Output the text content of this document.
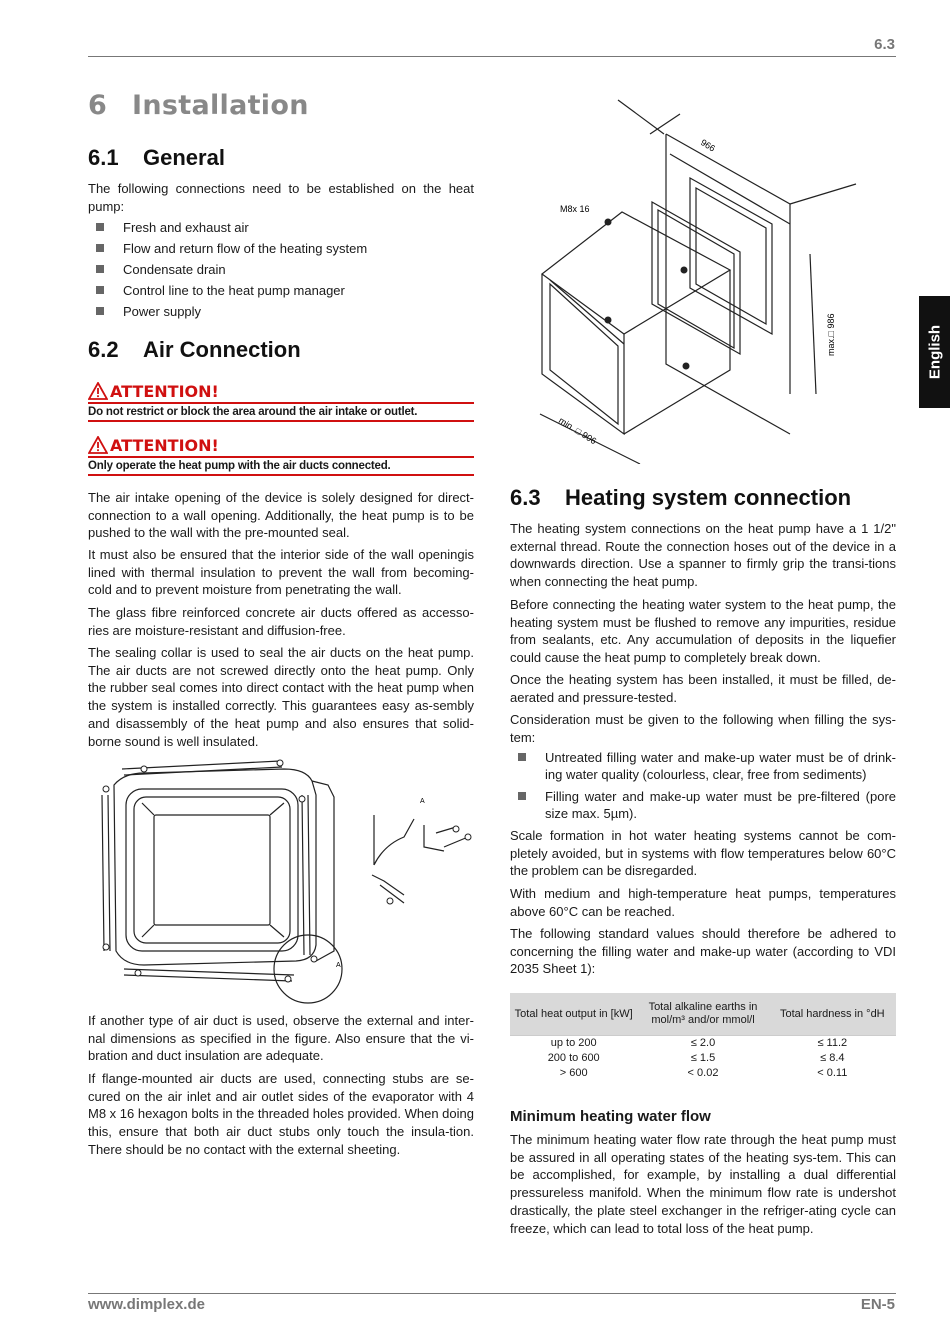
6.3
English
www.dimplex.de	EN-5
6 Installation
6.1 General

The following connections need to be established on the heat pump:

Fresh and exhaust air
Flow and return flow of the heating system
Condensate drain
Control line to the heat pump manager
Power supply
6.2 Air Connection
ATTENTION!
Do not restrict or block the area around the air intake or outlet.
ATTENTION!
Only operate the heat pump with the air ducts connected.

The air intake opening of the device is solely designed for direct-connection to a wall opening. Additionally, the heat pump is to be pushed to the wall with the pre-mounted seal.

It must also be ensured that the interior side of the wall openingis lined with thermal insulation to prevent the wall from becoming-cold and to prevent moisture from penetrating the wall.

The glass fibre reinforced concrete air ducts offered as accesso-ries are moisture-resistant and diffusion-free.

The sealing collar is used to seal the air ducts on the heat pump. The air ducts are not screwed directly onto the heat pump. Only the rubber seal comes into direct contact with the heat pump when the system is installed correctly. This guarantees easy as-sembly and disassembly of the heat pump and also ensures that solid-borne sound is well insulated.

A
A

If another type of air duct is used, observe the external and inter-nal dimensions as specified in the figure. Also ensure that the vi-bration and duct insulation are adequate.

If flange-mounted air ducts are used, connecting stubs are se-cured on the air inlet and air outlet sides of the evaporator with 4 M8 x 16 hexagon bolts in the threaded holes provided. When doing this, ensure that both air duct stubs only touch the insula-tion. There should be no contact with the external sheeting.

M8x 16
966
max.□ 986
min. □ 906
6.3 Heating system connection

The heating system connections on the heat pump have a 1 1/2" external thread. Route the connection hoses out of the device in a downwards direction. Use a spanner to firmly grip the transi-tions when connecting the heat pump.

Before connecting the heating water system to the heat pump, the heating system must be flushed to remove any impurities, residue from sealants, etc. Any accumulation of deposits in the liquefier could cause the heat pump to completely break down.

Once the heating system has been installed, it must be filled, de-aerated and pressure-tested.

Consideration must be given to the following when filling the sys-tem:

Untreated filling water and make-up water must be of drink-ing water quality (colourless, clear, free from sediments)
Filling water and make-up water must be pre-filtered (pore size max. 5µm).

Scale formation in hot water heating systems cannot be com-pletely avoided, but in systems with flow temperatures below 60°C the problem can be disregarded.

With medium and high-temperature heat pumps, temperatures above 60°C can be reached.

The following standard values should therefore be adhered to concerning the filling water and make-up water (according to VDI 2035 Sheet 1):

Total heat output in [kW]	Total alkaline earths in mol/m³ and/or mmol/l	Total hardness in °dH
up to 200	≤ 2.0	≤ 11.2
200 to 600	≤ 1.5	≤ 8.4
> 600	< 0.02	< 0.11
Minimum heating water flow

The minimum heating water flow rate through the heat pump must be assured in all operating states of the heating sys-tem. This can be accomplished, for example, by installing a dual differential pressureless manifold. When the minimum flow rate is undershot drastically, the plate steel exchanger in the refriger-ating cycle can freeze, which can lead to total loss of the heat pump.
